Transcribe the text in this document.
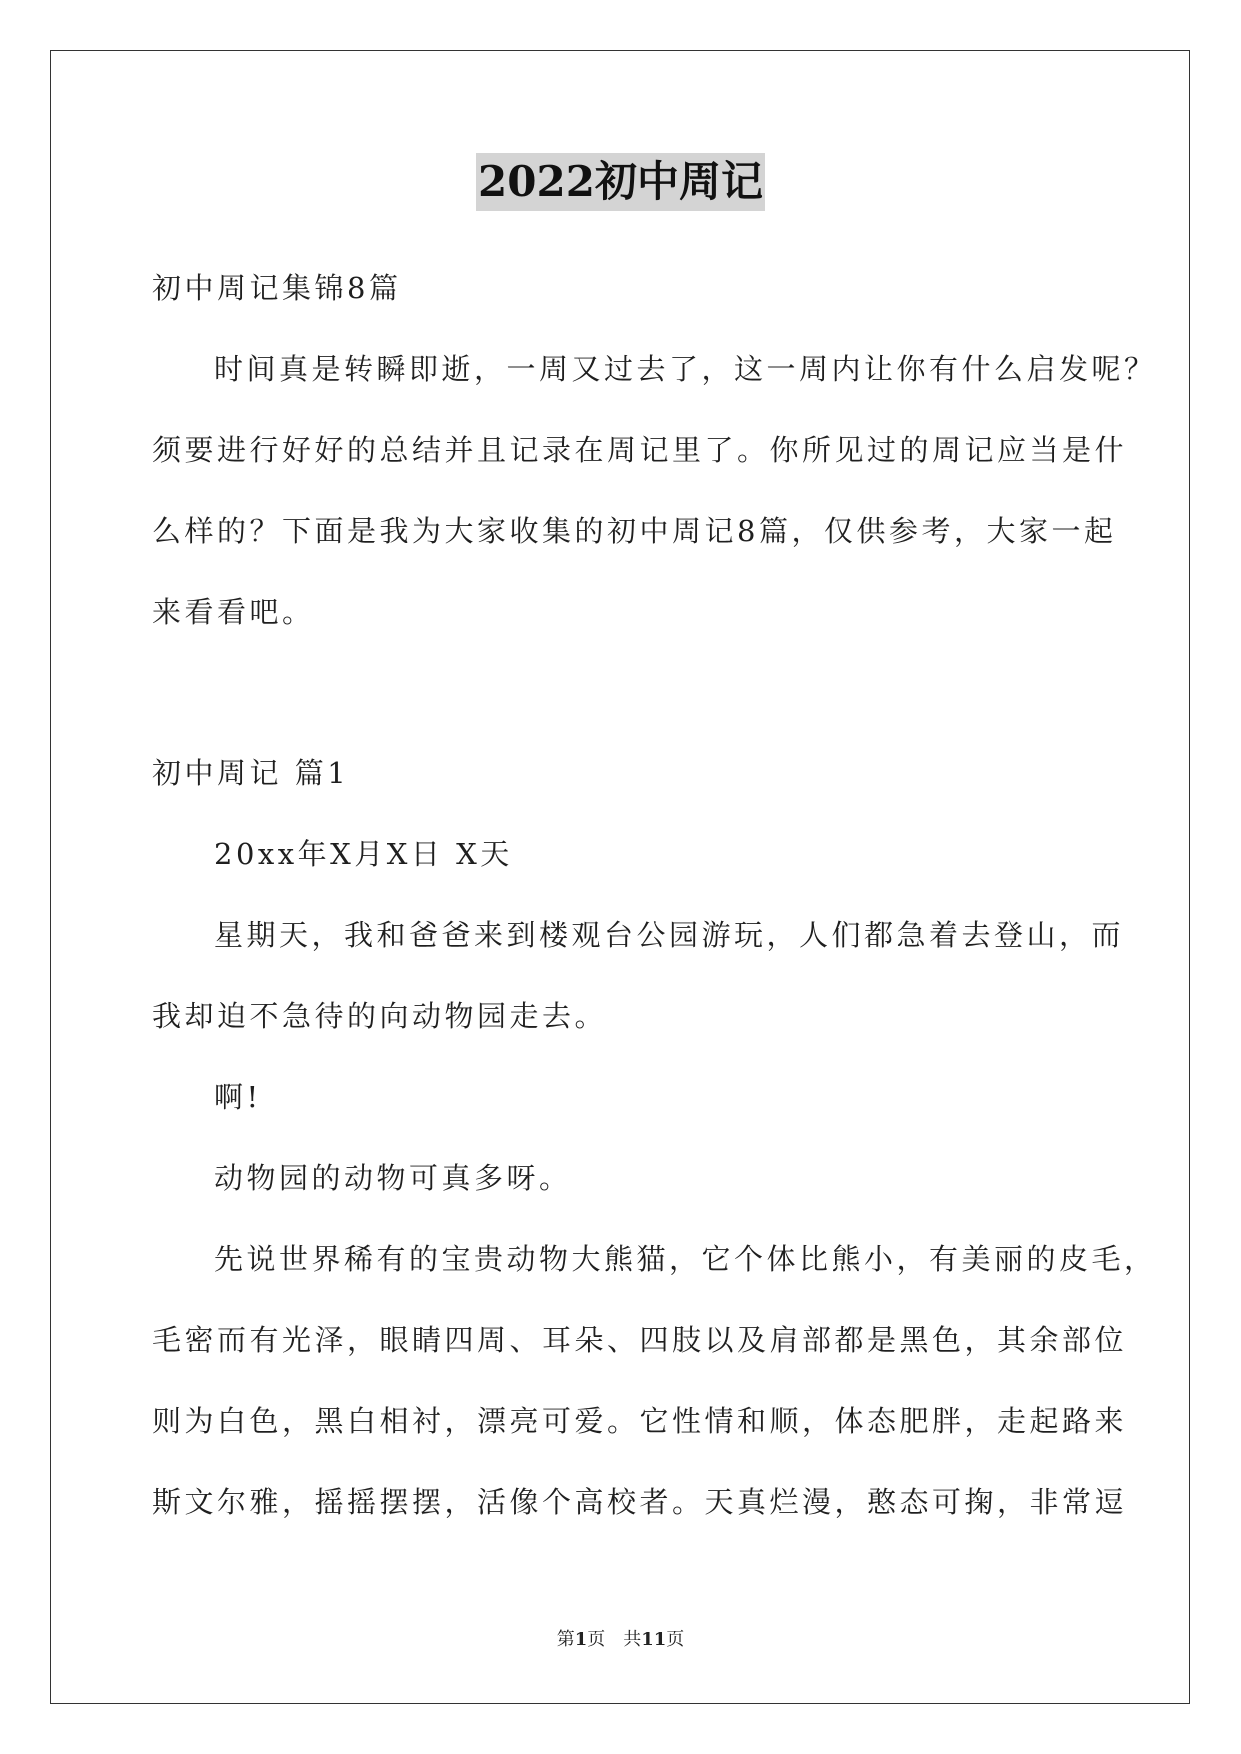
2022初中周记
初中周记集锦8篇
时间真是转瞬即逝，一周又过去了，这一周内让你有什么启发呢？
须要进行好好的总结并且记录在周记里了。你所见过的周记应当是什
么样的？下面是我为大家收集的初中周记8篇，仅供参考，大家一起
来看看吧。
初中周记 篇1
20xx年X月X日 X天
星期天，我和爸爸来到楼观台公园游玩，人们都急着去登山，而
我却迫不急待的向动物园走去。
啊!
动物园的动物可真多呀。
先说世界稀有的宝贵动物大熊猫，它个体比熊小，有美丽的皮毛，
毛密而有光泽，眼睛四周、耳朵、四肢以及肩部都是黑色，其余部位
则为白色，黑白相衬，漂亮可爱。它性情和顺，体态肥胖，走起路来
斯文尔雅，摇摇摆摆，活像个高校者。天真烂漫，憨态可掬，非常逗
第1页　共11页
